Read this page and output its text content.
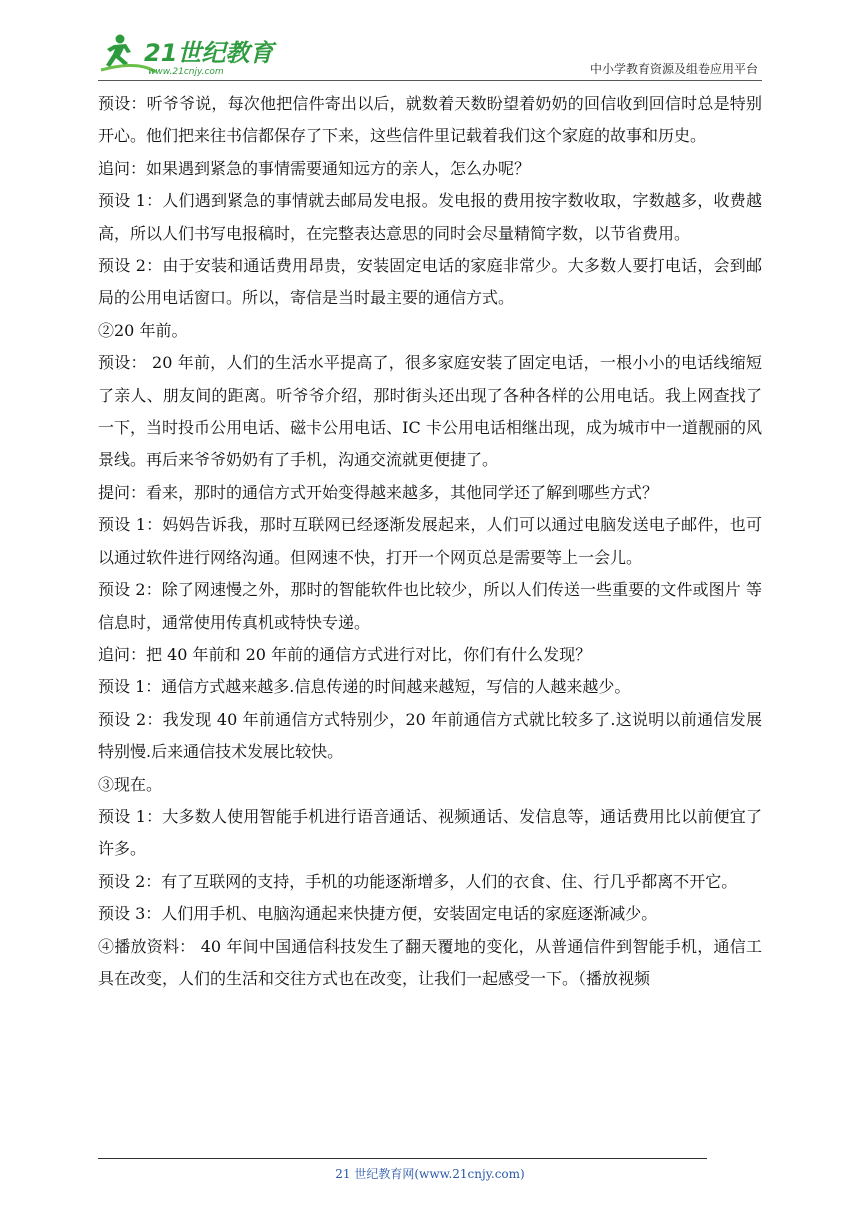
21世纪教育
www.21cnjy.com	中小学教育资源及组卷应用平台

预设：听爷爷说，每次他把信件寄出以后，就数着天数盼望着奶奶的回信收到回信时总是特别开心。他们把来往书信都保存了下来，这些信件里记载着我们这个家庭的故事和历史。

追问：如果遇到紧急的事情需要通知远方的亲人，怎么办呢？

预设 1：人们遇到紧急的事情就去邮局发电报。发电报的费用按字数收取，字数越多，收费越高，所以人们书写电报稿时，在完整表达意思的同时会尽量精简字数，以节省费用。

预设 2：由于安装和通话费用昂贵，安装固定电话的家庭非常少。大多数人要打电话，会到邮局的公用电话窗口。所以，寄信是当时最主要的通信方式。

②20 年前。

预设： 20 年前，人们的生活水平提高了，很多家庭安装了固定电话，一根小小的电话线缩短了亲人、朋友间的距离。听爷爷介绍，那时街头还出现了各种各样的公用电话。我上网查找了一下，当时投币公用电话、磁卡公用电话、IC 卡公用电话相继出现，成为城市中一道靓丽的风景线。再后来爷爷奶奶有了手机，沟通交流就更便捷了。

提问：看来，那时的通信方式开始变得越来越多，其他同学还了解到哪些方式？

预设 1：妈妈告诉我，那时互联网已经逐渐发展起来，人们可以通过电脑发送电子邮件，也可以通过软件进行网络沟通。但网速不快，打开一个网页总是需要等上一会儿。

预设 2：除了网速慢之外，那时的智能软件也比较少，所以人们传送一些重要的文件或图片 等信息时，通常使用传真机或特快专递。

追问：把 40 年前和 20 年前的通信方式进行对比，你们有什么发现？

预设 1：通信方式越来越多.信息传递的时间越来越短，写信的人越来越少。

预设 2：我发现 40 年前通信方式特别少，20 年前通信方式就比较多了.这说明以前通信发展特别慢.后来通信技术发展比较快。

③现在。

预设 1：大多数人使用智能手机进行语音通话、视频通话、发信息等，通话费用比以前便宜了许多。

预设 2：有了互联网的支持，手机的功能逐渐增多，人们的衣食、住、行几乎都离不开它。

预设 3：人们用手机、电脑沟通起来快捷方便，安装固定电话的家庭逐渐减少。

④播放资料： 40 年间中国通信科技发生了翻天覆地的变化，从普通信件到智能手机，通信工具在改变，人们的生活和交往方式也在改变，让我们一起感受一下。（播放视频

21 世纪教育网(www.21cnjy.com)
